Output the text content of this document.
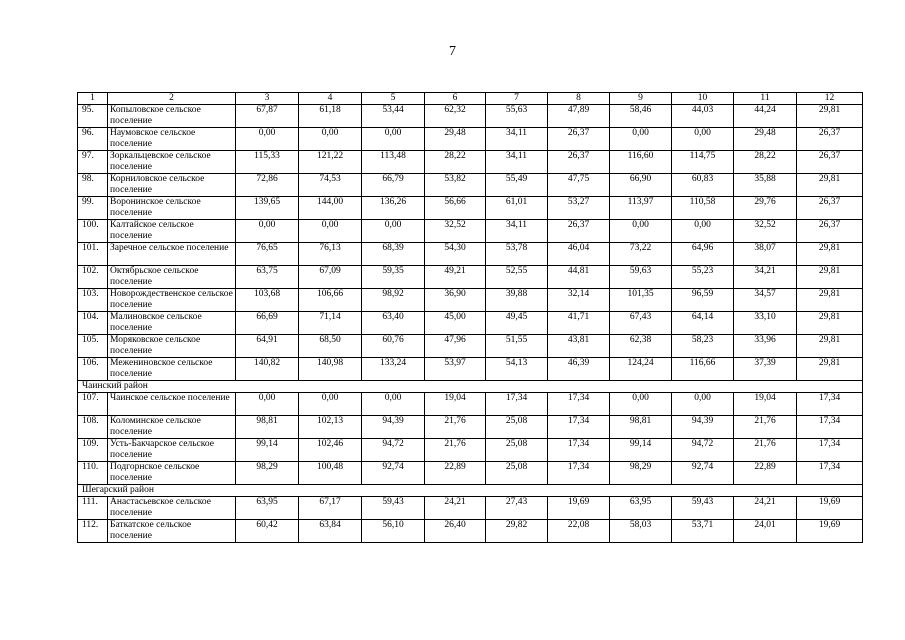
7
1	2	3	4	5	6	7	8	9	10	11	12
95.	Копыловское сельское поселение	67,87	61,18	53,44	62,32	55,63	47,89	58,46	44,03	44,24	29,81
96.	Наумовское сельское поселение	0,00	0,00	0,00	29,48	34,11	26,37	0,00	0,00	29,48	26,37
97.	Зоркальцевское сельское поселение	115,33	121,22	113,48	28,22	34,11	26,37	116,60	114,75	28,22	26,37
98.	Корниловское сельское поселение	72,86	74,53	66,79	53,82	55,49	47,75	66,90	60,83	35,88	29,81
99.	Воронинское сельское поселение	139,65	144,00	136,26	56,66	61,01	53,27	113,97	110,58	29,76	26,37
100.	Калтайское сельское поселение	0,00	0,00	0,00	32,52	34,11	26,37	0,00	0,00	32,52	26,37
101.	Заречное сельское поселение	76,65	76,13	68,39	54,30	53,78	46,04	73,22	64,96	38,07	29,81
102.	Октябрьское сельское поселение	63,75	67,09	59,35	49,21	52,55	44,81	59,63	55,23	34,21	29,81
103.	Новорождественское сельское поселение	103,68	106,66	98,92	36,90	39,88	32,14	101,35	96,59	34,57	29,81
104.	Малиновское сельское поселение	66,69	71,14	63,40	45,00	49,45	41,71	67,43	64,14	33,10	29,81
105.	Моряковское сельское поселение	64,91	68,50	60,76	47,96	51,55	43,81	62,38	58,23	33,96	29,81
106.	Межениновское сельское поселение	140,82	140,98	133,24	53,97	54,13	46,39	124,24	116,66	37,39	29,81
Чаинский район											
107.	Чаинское сельское поселение	0,00	0,00	0,00	19,04	17,34	17,34	0,00	0,00	19,04	17,34
108.	Коломинское сельское поселение	98,81	102,13	94,39	21,76	25,08	17,34	98,81	94,39	21,76	17,34
109.	Усть-Бакчарское сельское поселение	99,14	102,46	94,72	21,76	25,08	17,34	99,14	94,72	21,76	17,34
110.	Подгорнское сельское поселение	98,29	100,48	92,74	22,89	25,08	17,34	98,29	92,74	22,89	17,34
Шегарский район											
111.	Анастасьевское сельское поселение	63,95	67,17	59,43	24,21	27,43	19,69	63,95	59,43	24,21	19,69
112.	Баткатское сельское поселение	60,42	63,84	56,10	26,40	29,82	22,08	58,03	53,71	24,01	19,69
